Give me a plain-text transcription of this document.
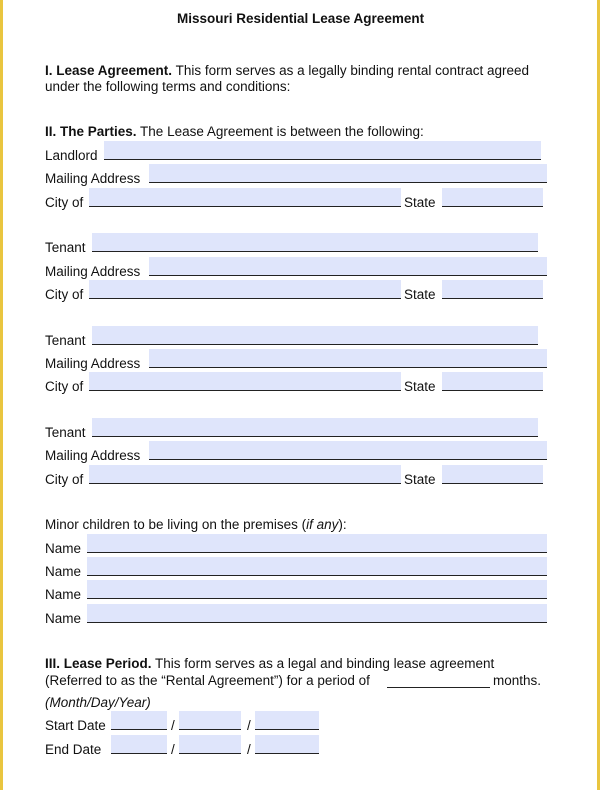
Missouri Residential Lease Agreement
I. Lease Agreement. This form serves as a legally binding rental contract agreed
under the following terms and conditions:
II. The Parties. The Lease Agreement is between the following:
Landlord
Mailing Address
City of	State
Tenant
Mailing Address
City of	State
Tenant
Mailing Address
City of	State
Tenant
Mailing Address
City of	State
Minor children to be living on the premises (if any):
Name
Name
Name
Name
III. Lease Period. This form serves as a legal and binding lease agreement
(Referred to as the “Rental Agreement”) for a period of	months.
(Month/Day/Year)
Start Date	/	/
End Date	/	/
